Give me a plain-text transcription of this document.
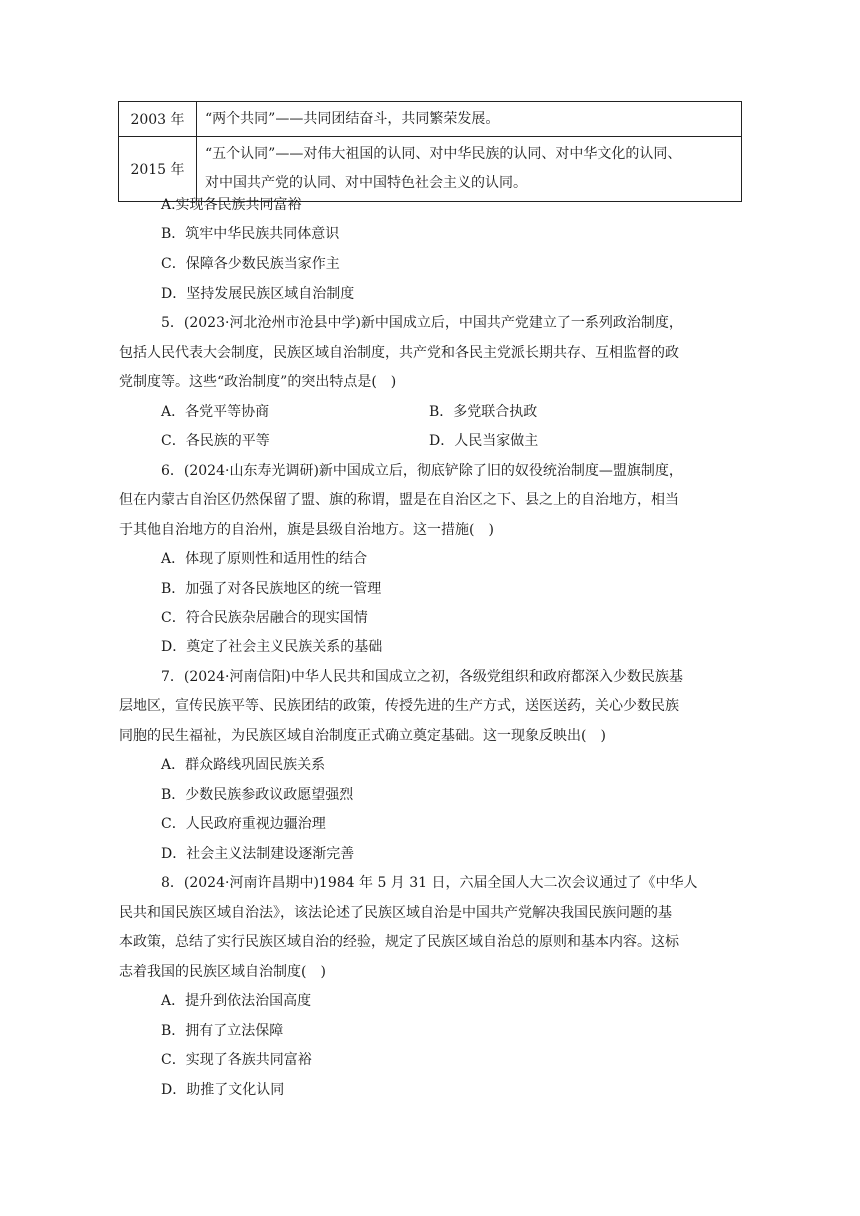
2003 年	“两个共同”——共同团结奋斗，共同繁荣发展。
2015 年	“五个认同”——对伟大祖国的认同、对中华民族的认同、对中华文化的认同、
对中国共产党的认同、对中国特色社会主义的认同。
A.实现各民族共同富裕
B．筑牢中华民族共同体意识
C．保障各少数民族当家作主
D．坚持发展民族区域自治制度
5．(2023·河北沧州市沧县中学)新中国成立后，中国共产党建立了一系列政治制度，
包括人民代表大会制度，民族区域自治制度，共产党和各民主党派长期共存、互相监督的政
党制度等。这些“政治制度”的突出特点是(　)
A．各党平等协商	B．多党联合执政
C．各民族的平等	D．人民当家做主
6．(2024·山东寿光调研)新中国成立后，彻底铲除了旧的奴役统治制度—盟旗制度，
但在内蒙古自治区仍然保留了盟、旗的称谓，盟是在自治区之下、县之上的自治地方，相当
于其他自治地方的自治州，旗是县级自治地方。这一措施(　)
A．体现了原则性和适用性的结合
B．加强了对各民族地区的统一管理
C．符合民族杂居融合的现实国情
D．奠定了社会主义民族关系的基础
7．(2024·河南信阳)中华人民共和国成立之初，各级党组织和政府都深入少数民族基
层地区，宣传民族平等、民族团结的政策，传授先进的生产方式，送医送药，关心少数民族
同胞的民生福祉，为民族区域自治制度正式确立奠定基础。这一现象反映出(　)
A．群众路线巩固民族关系
B．少数民族参政议政愿望强烈
C．人民政府重视边疆治理
D．社会主义法制建设逐渐完善
8．(2024·河南许昌期中)1984 年 5 月 31 日，六届全国人大二次会议通过了《中华人
民共和国民族区域自治法》，该法论述了民族区域自治是中国共产党解决我国民族问题的基
本政策，总结了实行民族区域自治的经验，规定了民族区域自治总的原则和基本内容。这标
志着我国的民族区域自治制度(　)
A．提升到依法治国高度
B．拥有了立法保障
C．实现了各族共同富裕
D．助推了文化认同
